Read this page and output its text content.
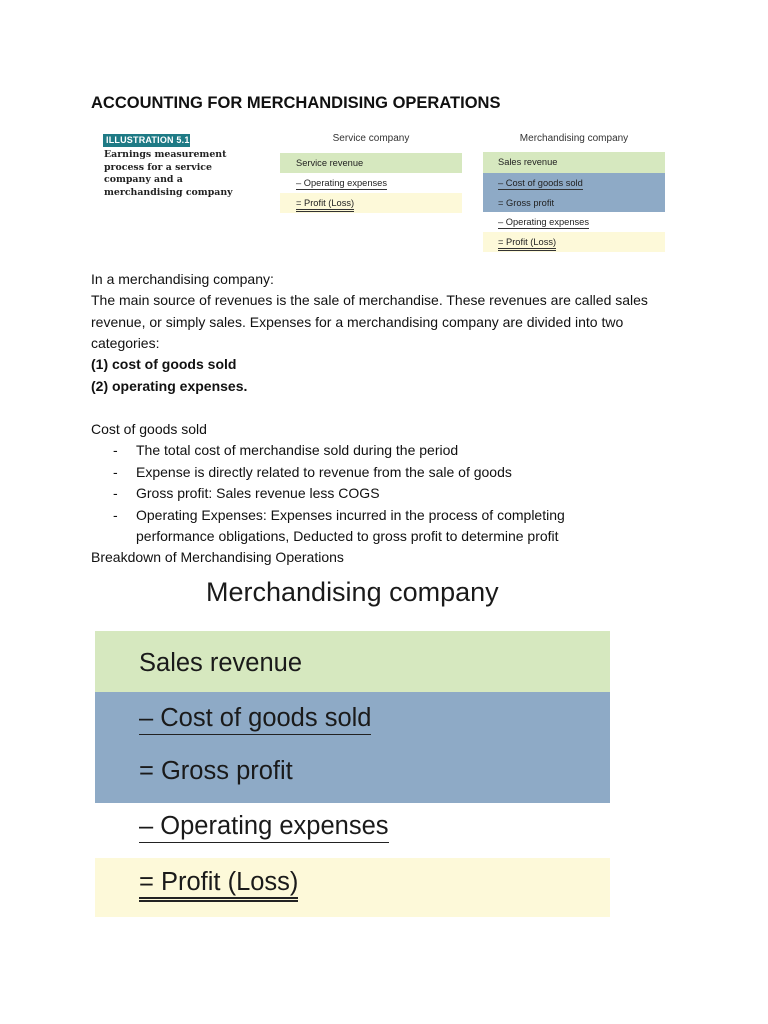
ACCOUNTING FOR MERCHANDISING OPERATIONS
ILLUSTRATION 5.1
Earnings measurement process for a service company and a merchandising company
Service company
Service revenue
– Operating expenses
= Profit (Loss)
Merchandising company
Sales revenue
– Cost of goods sold
= Gross profit
– Operating expenses
= Profit (Loss)

In a merchandising company:

The main source of revenues is the sale of merchandise. These revenues are called sales revenue, or simply sales. Expenses for a merchandising company are divided into two categories:

(1) cost of goods sold

(2) operating expenses.

Cost of goods sold

- The total cost of merchandise sold during the period
- Expense is directly related to revenue from the sale of goods
- Gross profit: Sales revenue less COGS
- Operating Expenses: Expenses incurred in the process of completing performance obligations, Deducted to gross profit to determine profit

Breakdown of Merchandising Operations

Merchandising company
Sales revenue
– Cost of goods sold
= Gross profit
– Operating expenses
= Profit (Loss)
